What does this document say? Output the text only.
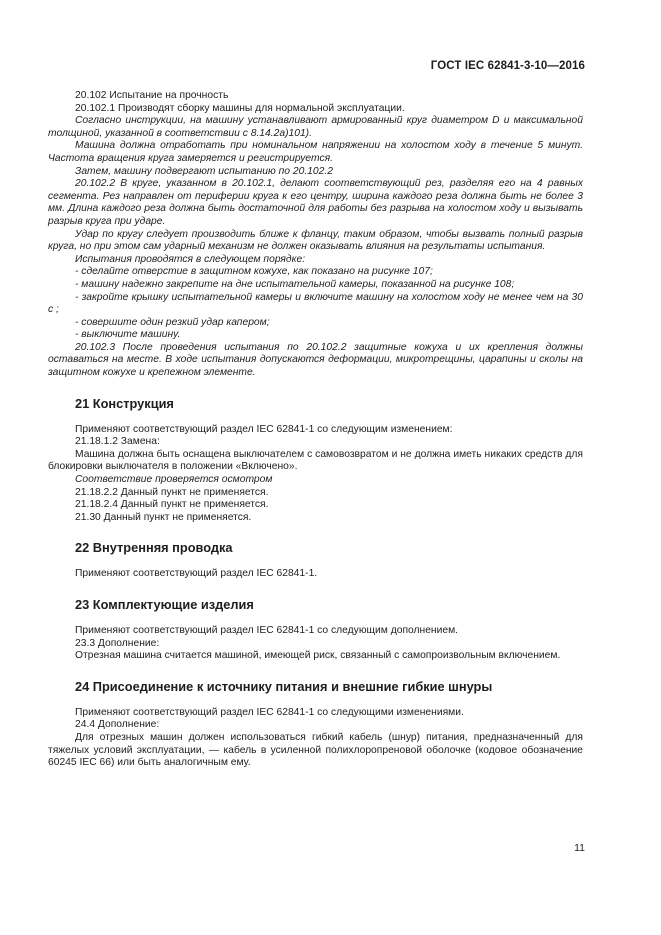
ГОСТ IEC 62841-3-10—2016

20.102 Испытание на прочность

20.102.1 Производят сборку машины для нормальной эксплуатации.

Согласно инструкции, на машину устанавливают армированный круг диаметром D и максимальной толщиной, указанной в соответствии с 8.14.2a)101).

Машина должна отработать при номинальном напряжении на холостом ходу в течение 5 минут. Частота вращения круга замеряется и регистрируется.

Затем, машину подвергают испытанию по 20.102.2

20.102.2 В круге, указанном в 20.102.1, делают соответствующий рез, разделяя его на 4 равных сегмента. Рез направлен от периферии круга к его центру, ширина каждого реза должна быть не более 3 мм. Длина каждого реза должна быть достаточной для работы без разрыва на холостом ходу и вызывать разрыв круга при ударе.

Удар по кругу следует производить ближе к фланцу, таким образом, чтобы вызвать полный разрыв круга, но при этом сам ударный механизм не должен оказывать влияния на результаты испытания.

Испытания проводятся в следующем порядке:

- сделайте отверстие в защитном кожухе, как показано на рисунке 107;

- машину надежно закрепите на дне испытательной камеры, показанной на рисунке 108;

- закройте крышку испытательной камеры и включите машину на холостом ходу не менее чем на 30 с ;

- совершите один резкий удар капером;

- выключите машину.

20.102.3 После проведения испытания по 20.102.2 защитные кожуха и их крепления должны оставаться на месте. В ходе испытания допускаются деформации, микротрещины, царапины и сколы на защитном кожухе и крепежном элементе.

21 Конструкция

Применяют соответствующий раздел IEC 62841-1 со следующим изменением:

21.18.1.2 Замена:

Машина должна быть оснащена выключателем с самовозвратом и не должна иметь никаких средств для блокировки выключателя в положении «Включено».

Соответствие проверяется осмотром

21.18.2.2 Данный пункт не применяется.

21.18.2.4 Данный пункт не применяется.

21.30 Данный пункт не применяется.

22 Внутренняя проводка

Применяют соответствующий раздел IEC 62841-1.

23 Комплектующие изделия

Применяют соответствующий раздел IEC 62841-1 со следующим дополнением.

23.3 Дополнение:

Отрезная машина считается машиной, имеющей риск, связанный с самопроизвольным включением.

24 Присоединение к источнику питания и внешние гибкие шнуры

Применяют соответствующий раздел IEC 62841-1 со следующими изменениями.

24.4 Дополнение:

Для отрезных машин должен использоваться гибкий кабель (шнур) питания, предназначенный для тяжелых условий эксплуатации, — кабель в усиленной полихлоропреновой оболочке (кодовое обозначение 60245 IEC 66) или быть аналогичным ему.

11
